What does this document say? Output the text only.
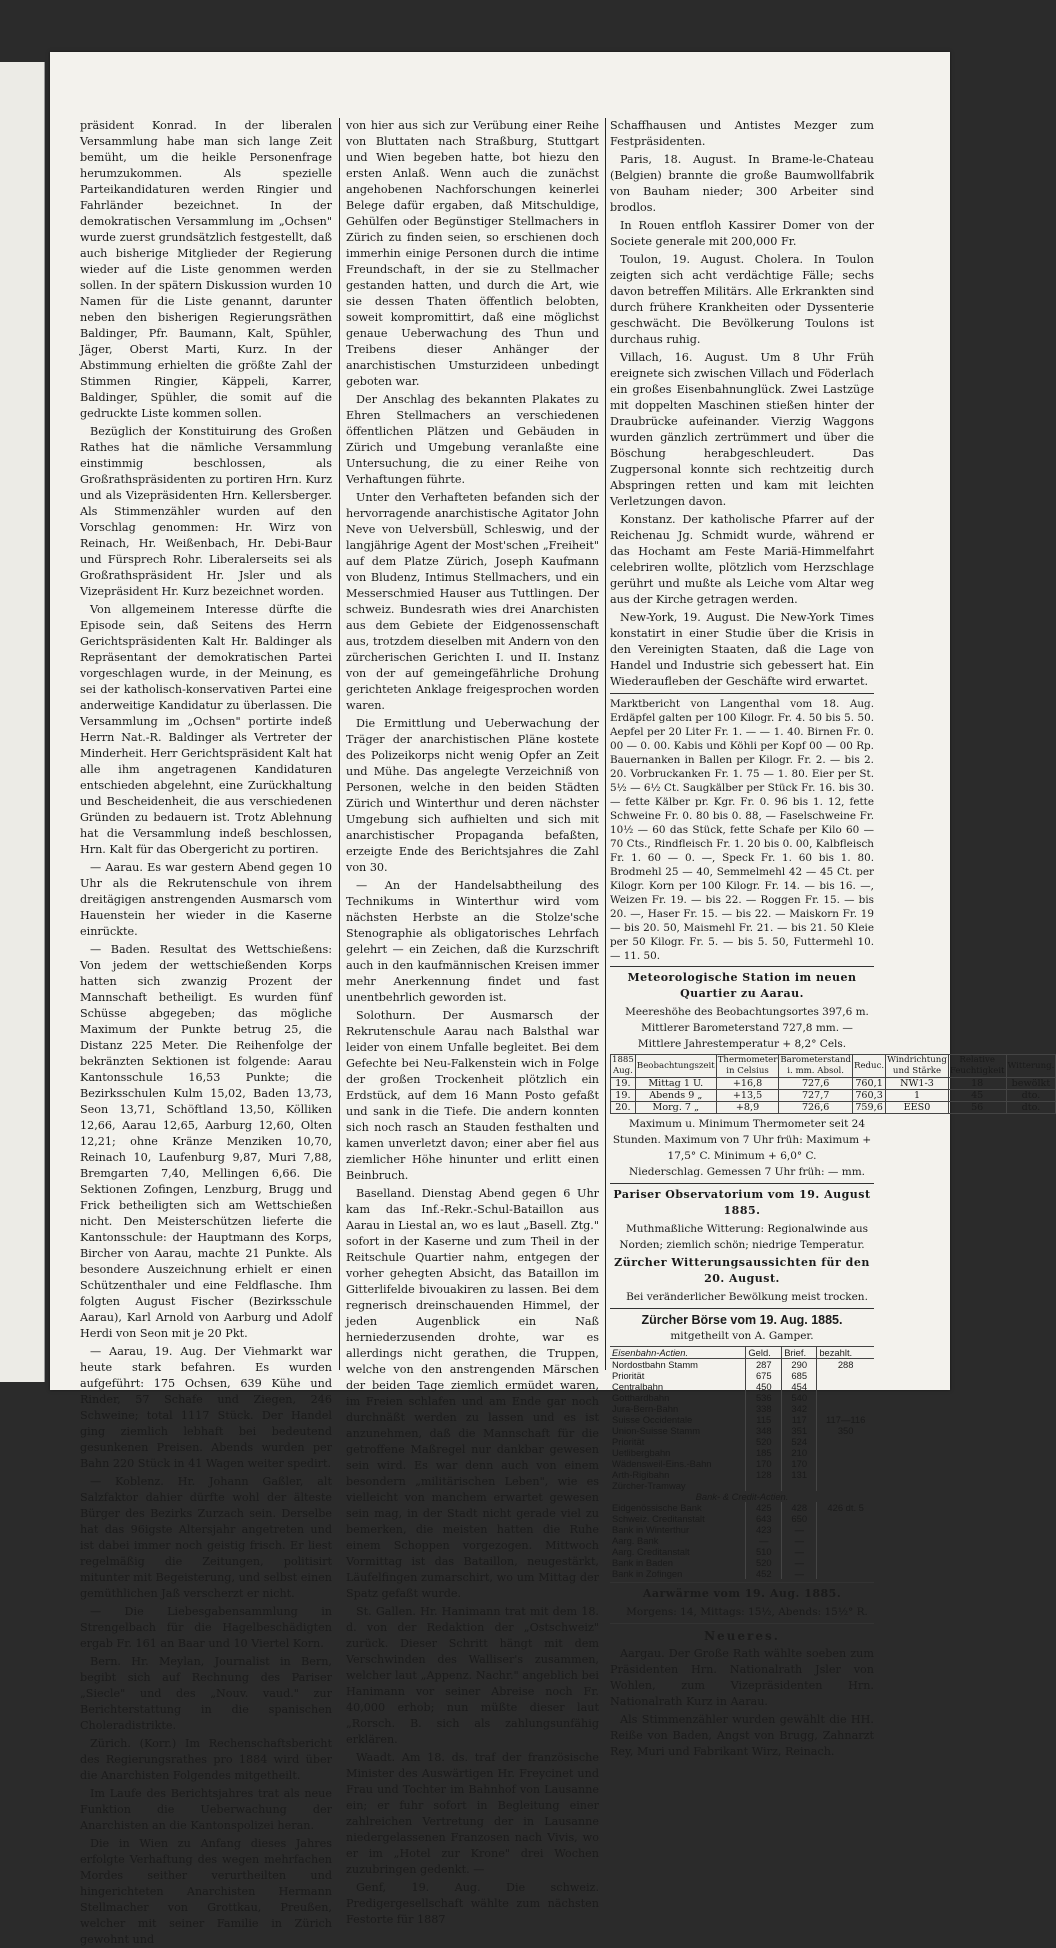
präsident Konrad. In der liberalen Versammlung habe man sich lange Zeit bemüht, um die heikle Personenfrage herumzukommen. Als spezielle Parteikandidaturen werden Ringier und Fahrländer bezeichnet. In der demokratischen Versammlung im „Ochsen" wurde zuerst grundsätzlich festgestellt, daß auch bisherige Mitglieder der Regierung wieder auf die Liste genommen werden sollen. In der spätern Diskussion wurden 10 Namen für die Liste genannt, darunter neben den bisherigen Regierungsräthen Baldinger, Pfr. Baumann, Kalt, Spühler, Jäger, Oberst Marti, Kurz. In der Abstimmung erhielten die größte Zahl der Stimmen Ringier, Käppeli, Karrer, Baldinger, Spühler, die somit auf die gedruckte Liste kommen sollen.

Bezüglich der Konstituirung des Großen Rathes hat die nämliche Versammlung einstimmig beschlossen, als Großrathspräsidenten zu portiren Hrn. Kurz und als Vizepräsidenten Hrn. Kellersberger. Als Stimmenzähler wurden auf den Vorschlag genommen: Hr. Wirz von Reinach, Hr. Weißenbach, Hr. Debi-Baur und Fürsprech Rohr. Liberalerseits sei als Großrathspräsident Hr. Jsler und als Vizepräsident Hr. Kurz bezeichnet worden.

Von allgemeinem Interesse dürfte die Episode sein, daß Seitens des Herrn Gerichtspräsidenten Kalt Hr. Baldinger als Repräsentant der demokratischen Partei vorgeschlagen wurde, in der Meinung, es sei der katholisch-konservativen Partei eine anderweitige Kandidatur zu überlassen. Die Versammlung im „Ochsen" portirte indeß Herrn Nat.-R. Baldinger als Vertreter der Minderheit. Herr Gerichtspräsident Kalt hat alle ihm angetragenen Kandidaturen entschieden abgelehnt, eine Zurückhaltung und Bescheidenheit, die aus verschiedenen Gründen zu bedauern ist. Trotz Ablehnung hat die Versammlung indeß beschlossen, Hrn. Kalt für das Obergericht zu portiren.

— Aarau. Es war gestern Abend gegen 10 Uhr als die Rekrutenschule von ihrem dreitägigen anstrengenden Ausmarsch vom Hauenstein her wieder in die Kaserne einrückte.

— Baden. Resultat des Wettschießens: Von jedem der wettschießenden Korps hatten sich zwanzig Prozent der Mannschaft betheiligt. Es wurden fünf Schüsse abgegeben; das mögliche Maximum der Punkte betrug 25, die Distanz 225 Meter. Die Reihenfolge der bekränzten Sektionen ist folgende: Aarau Kantonsschule 16,53 Punkte; die Bezirksschulen Kulm 15,02, Baden 13,73, Seon 13,71, Schöftland 13,50, Kölliken 12,66, Aarau 12,65, Aarburg 12,60, Olten 12,21; ohne Kränze Menziken 10,70, Reinach 10, Laufenburg 9,87, Muri 7,88, Bremgarten 7,40, Mellingen 6,66. Die Sektionen Zofingen, Lenzburg, Brugg und Frick betheiligten sich am Wettschießen nicht. Den Meisterschützen lieferte die Kantonsschule: der Hauptmann des Korps, Bircher von Aarau, machte 21 Punkte. Als besondere Auszeichnung erhielt er einen Schützenthaler und eine Feldflasche. Ihm folgten August Fischer (Bezirksschule Aarau), Karl Arnold von Aarburg und Adolf Herdi von Seon mit je 20 Pkt.

— Aarau, 19. Aug. Der Viehmarkt war heute stark befahren. Es wurden aufgeführt: 175 Ochsen, 639 Kühe und Rinder, 57 Schafe und Ziegen, 246 Schweine; total 1117 Stück. Der Handel ging ziemlich lebhaft bei bedeutend gesunkenen Preisen. Abends wurden per Bahn 220 Stück in 41 Wagen weiter spedirt.

— Koblenz. Hr. Johann Gaßler, alt Salzfaktor dahier dürfte wohl der älteste Bürger des Bezirks Zurzach sein. Derselbe hat das 96igste Altersjahr angetreten und ist dabei immer noch geistig frisch. Er liest regelmäßig die Zeitungen, politisirt mitunter mit Begeisterung, und selbst einen gemüthlichen Jaß verscherzt er nicht.

— Die Liebesgabensammlung in Strengelbach für die Hagelbeschädigten ergab Fr. 161 an Baar und 10 Viertel Korn.

Bern. Hr. Meylan, Journalist in Bern, begibt sich auf Rechnung des Pariser „Siecle" und des „Nouv. vaud." zur Berichterstattung in die spanischen Choleradistrikte.

Zürich. (Korr.) Im Rechenschaftsbericht des Regierungsrathes pro 1884 wird über die Anarchisten Folgendes mitgetheilt.

Im Laufe des Berichtsjahres trat als neue Funktion die Ueberwachung der Anarchisten an die Kantonspolizei heran.

Die in Wien zu Anfang dieses Jahres erfolgte Verhaftung des wegen mehrfachen Mordes seither verurtheilten und hingerichteten Anarchisten Hermann Stellmacher von Grottkau, Preußen, welcher mit seiner Familie in Zürich gewohnt und

von hier aus sich zur Verübung einer Reihe von Bluttaten nach Straßburg, Stuttgart und Wien begeben hatte, bot hiezu den ersten Anlaß. Wenn auch die zunächst angehobenen Nachforschungen keinerlei Belege dafür ergaben, daß Mitschuldige, Gehülfen oder Begünstiger Stellmachers in Zürich zu finden seien, so erschienen doch immerhin einige Personen durch die intime Freundschaft, in der sie zu Stellmacher gestanden hatten, und durch die Art, wie sie dessen Thaten öffentlich belobten, soweit kompromittirt, daß eine möglichst genaue Ueberwachung des Thun und Treibens dieser Anhänger der anarchistischen Umsturzideen unbedingt geboten war.

Der Anschlag des bekannten Plakates zu Ehren Stellmachers an verschiedenen öffentlichen Plätzen und Gebäuden in Zürich und Umgebung veranlaßte eine Untersuchung, die zu einer Reihe von Verhaftungen führte.

Unter den Verhafteten befanden sich der hervorragende anarchistische Agitator John Neve von Uelversbüll, Schleswig, und der langjährige Agent der Most'schen „Freiheit" auf dem Platze Zürich, Joseph Kaufmann von Bludenz, Intimus Stellmachers, und ein Messerschmied Hauser aus Tuttlingen. Der schweiz. Bundesrath wies drei Anarchisten aus dem Gebiete der Eidgenossenschaft aus, trotzdem dieselben mit Andern von den zürcherischen Gerichten I. und II. Instanz von der auf gemeingefährliche Drohung gerichteten Anklage freigesprochen worden waren.

Die Ermittlung und Ueberwachung der Träger der anarchistischen Pläne kostete des Polizeikorps nicht wenig Opfer an Zeit und Mühe. Das angelegte Verzeichniß von Personen, welche in den beiden Städten Zürich und Winterthur und deren nächster Umgebung sich aufhielten und sich mit anarchistischer Propaganda befaßten, erzeigte Ende des Berichtsjahres die Zahl von 30.

— An der Handelsabtheilung des Technikums in Winterthur wird vom nächsten Herbste an die Stolze'sche Stenographie als obligatorisches Lehrfach gelehrt — ein Zeichen, daß die Kurzschrift auch in den kaufmännischen Kreisen immer mehr Anerkennung findet und fast unentbehrlich geworden ist.

Solothurn. Der Ausmarsch der Rekrutenschule Aarau nach Balsthal war leider von einem Unfalle begleitet. Bei dem Gefechte bei Neu-Falkenstein wich in Folge der großen Trockenheit plötzlich ein Erdstück, auf dem 16 Mann Posto gefaßt und sank in die Tiefe. Die andern konnten sich noch rasch an Stauden festhalten und kamen unverletzt davon; einer aber fiel aus ziemlicher Höhe hinunter und erlitt einen Beinbruch.

Baselland. Dienstag Abend gegen 6 Uhr kam das Inf.-Rekr.-Schul-Bataillon aus Aarau in Liestal an, wo es laut „Basell. Ztg." sofort in der Kaserne und zum Theil in der Reitschule Quartier nahm, entgegen der vorher gehegten Absicht, das Bataillon im Gitterlifelde bivouakiren zu lassen. Bei dem regnerisch dreinschauenden Himmel, der jeden Augenblick ein Naß herniederzusenden drohte, war es allerdings nicht gerathen, die Truppen, welche von den anstrengenden Märschen der beiden Tage ziemlich ermüdet waren, im Freien schlafen und am Ende gar noch durchnäßt werden zu lassen und es ist anzunehmen, daß die Mannschaft für die getroffene Maßregel nur dankbar gewesen sein wird. Es war denn auch von einem besondern „militärischen Leben", wie es vielleicht von manchem erwartet gewesen sein mag, in der Stadt nicht gerade viel zu bemerken, die meisten hatten die Ruhe einem Schoppen vorgezogen. Mittwoch Vormittag ist das Bataillon, neugestärkt, Läufelfingen zumarschirt, wo um Mittag der Spatz gefaßt wurde.

St. Gallen. Hr. Hanimann trat mit dem 18. d. von der Redaktion der „Ostschweiz" zurück. Dieser Schritt hängt mit dem Verschwinden des Walliser's zusammen, welcher laut „Appenz. Nachr." angeblich bei Hanimann vor seiner Abreise noch Fr. 40,000 erhob; nun müßte dieser laut „Rorsch. B. sich als zahlungsunfähig erklären.

Waadt. Am 18. ds. traf der französische Minister des Auswärtigen Hr. Freycinet und Frau und Tochter im Bahnhof von Lausanne ein; er fuhr sofort in Begleitung einer zahlreichen Vertretung der in Lausanne niedergelassenen Franzosen nach Vivis, wo er im „Hotel zur Krone" drei Wochen zuzubringen gedenkt. —

Genf, 19. Aug. Die schweiz. Predigergesellschaft wählte zum nächsten Festorte für 1887

Schaffhausen und Antistes Mezger zum Festpräsidenten.

Paris, 18. August. In Brame-le-Chateau (Belgien) brannte die große Baumwollfabrik von Bauham nieder; 300 Arbeiter sind brodlos.

In Rouen entfloh Kassirer Domer von der Societe generale mit 200,000 Fr.

Toulon, 19. August. Cholera. In Toulon zeigten sich acht verdächtige Fälle; sechs davon betreffen Militärs. Alle Erkrankten sind durch frühere Krankheiten oder Dyssenterie geschwächt. Die Bevölkerung Toulons ist durchaus ruhig.

Villach, 16. August. Um 8 Uhr Früh ereignete sich zwischen Villach und Föderlach ein großes Eisenbahnunglück. Zwei Lastzüge mit doppelten Maschinen stießen hinter der Draubrücke aufeinander. Vierzig Waggons wurden gänzlich zertrümmert und über die Böschung herabgeschleudert. Das Zugpersonal konnte sich rechtzeitig durch Abspringen retten und kam mit leichten Verletzungen davon.

Konstanz. Der katholische Pfarrer auf der Reichenau Jg. Schmidt wurde, während er das Hochamt am Feste Mariä-Himmelfahrt celebriren wollte, plötzlich vom Herzschlage gerührt und mußte als Leiche vom Altar weg aus der Kirche getragen werden.

New-York, 19. August. Die New-York Times konstatirt in einer Studie über die Krisis in den Vereinigten Staaten, daß die Lage von Handel und Industrie sich gebessert hat. Ein Wiederaufleben der Geschäfte wird erwartet.

Marktbericht von Langenthal vom 18. Aug. Erdäpfel galten per 100 Kilogr. Fr. 4. 50 bis 5. 50. Aepfel per 20 Liter Fr. 1. — — 1. 40. Birnen Fr. 0. 00 — 0. 00. Kabis und Köhli per Kopf 00 — 00 Rp. Bauernanken in Ballen per Kilogr. Fr. 2. — bis 2. 20. Vorbruckanken Fr. 1. 75 — 1. 80. Eier per St. 5½ — 6½ Ct. Saugkälber per Stück Fr. 16. bis 30. — fette Kälber pr. Kgr. Fr. 0. 96 bis 1. 12, fette Schweine Fr. 0. 80 bis 0. 88, — Faselschweine Fr. 10½ — 60 das Stück, fette Schafe per Kilo 60 — 70 Cts., Rindfleisch Fr. 1. 20 bis 0. 00, Kalbfleisch Fr. 1. 60 — 0. —, Speck Fr. 1. 60 bis 1. 80. Brodmehl 25 — 40, Semmelmehl 42 — 45 Ct. per Kilogr. Korn per 100 Kilogr. Fr. 14. — bis 16. —, Weizen Fr. 19. — bis 22. — Roggen Fr. 15. — bis 20. —, Haser Fr. 15. — bis 22. — Maiskorn Fr. 19 — bis 20. 50, Maismehl Fr. 21. — bis 21. 50 Kleie per 50 Kilogr. Fr. 5. — bis 5. 50, Futtermehl 10. — 11. 50.

Meteorologische Station im neuen Quartier zu Aarau.

Meereshöhe des Beobachtungsortes 397,6 m.

Mittlerer Barometerstand 727,8 mm. — Mittlere Jahrestemperatur + 8,2° Cels.

1885 Aug.	Beobachtungszeit	Thermometer in Celsius	Barometerstand i. mm. Absol.	Reduc.	Windrichtung und Stärke	Relative Feuchtigkeit	Witterung.
19.	Mittag 1 U.	+16,8	727,6	760,1	NW1-3	18	bewölkt
19.	Abends 9 „	+13,5	727,7	760,3	1	45	dto.
20.	Morg. 7 „	+8,9	726,6	759,6	EES0	56	dto.

Maximum u. Minimum Thermometer seit 24 Stunden. Maximum von 7 Uhr früh: Maximum + 17,5° C. Minimum + 6,0° C.

Niederschlag. Gemessen 7 Uhr früh: — mm.

Pariser Observatorium vom 19. August 1885.

Muthmaßliche Witterung: Regionalwinde aus Norden; ziemlich schön; niedrige Temperatur.

Zürcher Witterungsaussichten für den 20. August.

Bei veränderlicher Bewölkung meist trocken.

Zürcher Börse vom 19. Aug. 1885.
mitgetheilt von A. Gamper.
Eisenbahn-Actien.	Geld.	Brief.	bezahlt.
Nordostbahn Stamm	287	290	288
Priorität	675	685	
Centralbahn	450	454	
Gotthardbahn	536	540	
Jura-Bern-Bahn	338	342	
Suisse Occidentale	115	117	117—116
Union-Suisse Stamm	348	351	350
Priorität	520	524	
Uetlibergbahn	185	210	
Wädensweil-Eins.-Bahn	170	170	
Arth-Rigibahn	128	131	
Zürcher-Tramway			
Bank- & Credit-Actien.			
Eidgenössische Bank	425	428	426 dt. 5
Schweiz. Creditanstalt	643	650	
Bank in Winterthur	423	—	
Aarg. Bank	—	—	
Aarg. Creditanstalt	510	—	
Bank in Baden	520	—	
Bank in Zofingen	452	—	
Aarwärme vom 19. Aug. 1885.

Morgens: 14, Mittags: 15½, Abends: 15½° R.

Neueres.

Aargau. Der Große Rath wählte soeben zum Präsidenten Hrn. Nationalrath Jsler von Wohlen, zum Vizepräsidenten Hrn. Nationalrath Kurz in Aarau.

Als Stimmenzähler wurden gewählt die HH. Reiße von Baden, Angst von Brugg, Zahnarzt Rey, Muri und Fabrikant Wirz, Reinach.
